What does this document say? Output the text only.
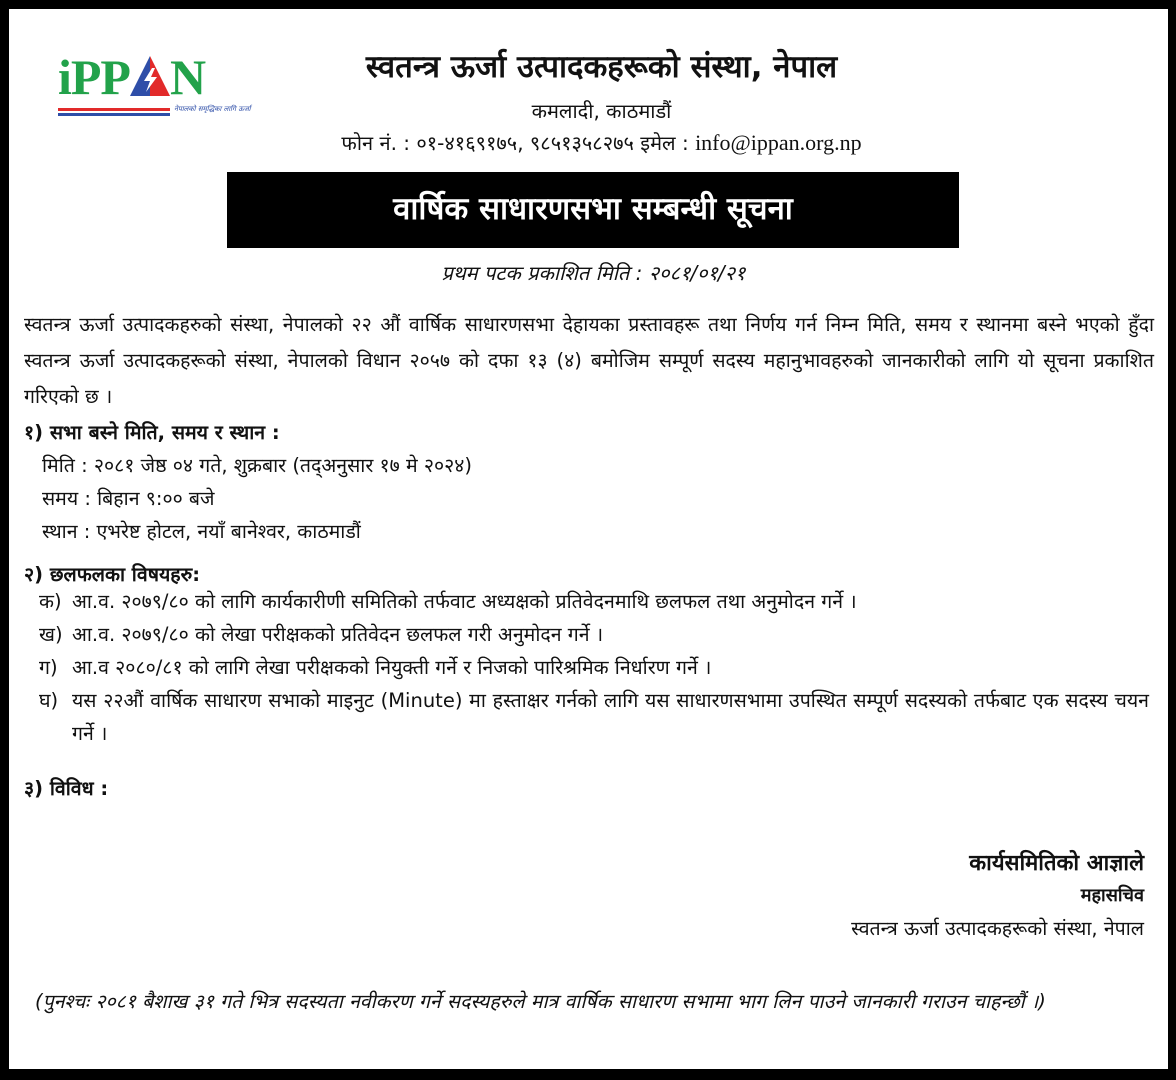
iPP N
नेपालको समृद्धिका लागि ऊर्जा
स्वतन्त्र ऊर्जा उत्पादकहरूको संस्था, नेपाल
कमलादी, काठमाडौं
फोन नं. : ०१-४१६९१७५, ९८५१३५८२७५ इमेल : info@ippan.org.np
वार्षिक साधारणसभा सम्बन्धी सूचना
प्रथम पटक प्रकाशित मिति : २०८१/०१/२१
स्वतन्त्र ऊर्जा उत्पादकहरुको संस्था, नेपालको २२ औं वार्षिक साधारणसभा देहायका प्रस्तावहरू तथा निर्णय गर्न निम्न मिति, समय र स्थानमा बस्ने भएको हुँदा स्वतन्त्र ऊर्जा उत्पादकहरूको संस्था, नेपालको विधान २०५७ को दफा १३ (४) बमोजिम सम्पूर्ण सदस्य महानुभावहरुको जानकारीको लागि यो सूचना प्रकाशित गरिएको छ ।
१) सभा बस्ने मिति, समय र स्थान :
मिति : २०८१ जेष्ठ ०४ गते, शुक्रबार (तद्अनुसार १७ मे २०२४)
समय : बिहान ९:०० बजे
स्थान : एभरेष्ट होटल, नयाँ बानेश्वर, काठमाडौं
२) छलफलका विषयहरु:
क) आ.व. २०७९/८० को लागि कार्यकारीणी समितिको तर्फवाट अध्यक्षको प्रतिवेदनमाथि छलफल तथा अनुमोदन गर्ने ।
ख) आ.व. २०७९/८० को लेखा परीक्षकको प्रतिवेदन छलफल गरी अनुमोदन गर्ने ।
ग) आ.व २०८०/८१ को लागि लेखा परीक्षकको नियुक्ती गर्ने र निजको पारिश्रमिक निर्धारण गर्ने ।
घ) यस २२औं वार्षिक साधारण सभाको माइनुट (Minute) मा हस्ताक्षर गर्नको लागि यस साधारणसभामा उपस्थित सम्पूर्ण सदस्यको तर्फबाट एक सदस्य चयन गर्ने ।
३) विविध :
कार्यसमितिको आज्ञाले
महासचिव
स्वतन्त्र ऊर्जा उत्पादकहरूको संस्था, नेपाल
(पुनश्चः २०८१ बैशाख ३१ गते भित्र सदस्यता नवीकरण गर्ने सदस्यहरुले मात्र वार्षिक साधारण सभामा भाग लिन पाउने जानकारी गराउन चाहन्छौं ।)
